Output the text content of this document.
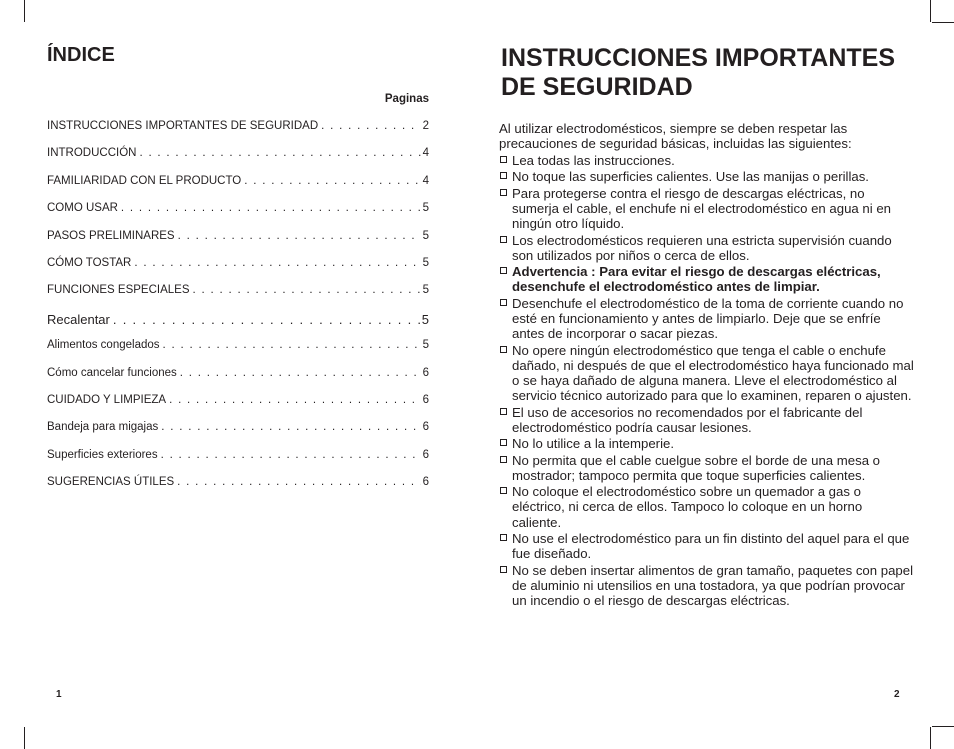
ÍNDICE
Paginas
INSTRUCCIONES IMPORTANTES DE SEGURIDAD . . .	2
INTRODUCCIÓN . . .	4
FAMILIARIDAD CON EL PRODUCTO . . .	4
COMO USAR . . .	5
PASOS PRELIMINARES . . .	5
CÓMO TOSTAR . . .	5
FUNCIONES ESPECIALES . . .	5
Recalentar . . .	5
Alimentos congelados . . .	5
Cómo cancelar funciones . . .	6
CUIDADO Y LIMPIEZA . . .	6
Bandeja para migajas . . .	6
Superficies exteriores . . .	6
SUGERENCIAS ÚTILES . . .	6
1
INSTRUCCIONES IMPORTANTES DE SEGURIDAD

Al utilizar electrodomésticos, siempre se deben respetar las precauciones de seguridad básicas, incluidas las siguientes:

Lea todas las instrucciones.
No toque las superficies calientes. Use las manijas o perillas.
Para protegerse contra el riesgo de descargas eléctricas, no sumerja el cable, el enchufe ni el electrodoméstico en agua ni en ningún otro líquido.
Los electrodomésticos requieren una estricta supervisión cuando son utilizados por niños o cerca de ellos.
Advertencia : Para evitar el riesgo de descargas eléctricas, desenchufe el electrodoméstico antes de limpiar.
Desenchufe el electrodoméstico de la toma de corriente cuando no esté en funcionamiento y antes de limpiarlo. Deje que se enfríe antes de incorporar o sacar piezas.
No opere ningún electrodoméstico que tenga el cable o enchufe dañado, ni después de que el electrodoméstico haya funcionado mal o se haya dañado de alguna manera. Lleve el electrodoméstico al servicio técnico autorizado para que lo examinen, reparen o ajusten.
El uso de accesorios no recomendados por el fabricante del electrodoméstico podría causar lesiones.
No lo utilice a la intemperie.
No permita que el cable cuelgue sobre el borde de una mesa o mostrador; tampoco permita que toque superficies calientes.
No coloque el electrodoméstico sobre un quemador a gas o eléctrico, ni cerca de ellos. Tampoco lo coloque en un horno caliente.
No use el electrodoméstico para un fin distinto del aquel para el que fue diseñado.
No se deben insertar alimentos de gran tamaño, paquetes con papel de aluminio ni utensilios en una tostadora, ya que podrían provocar un incendio o el riesgo de descargas eléctricas.
2
